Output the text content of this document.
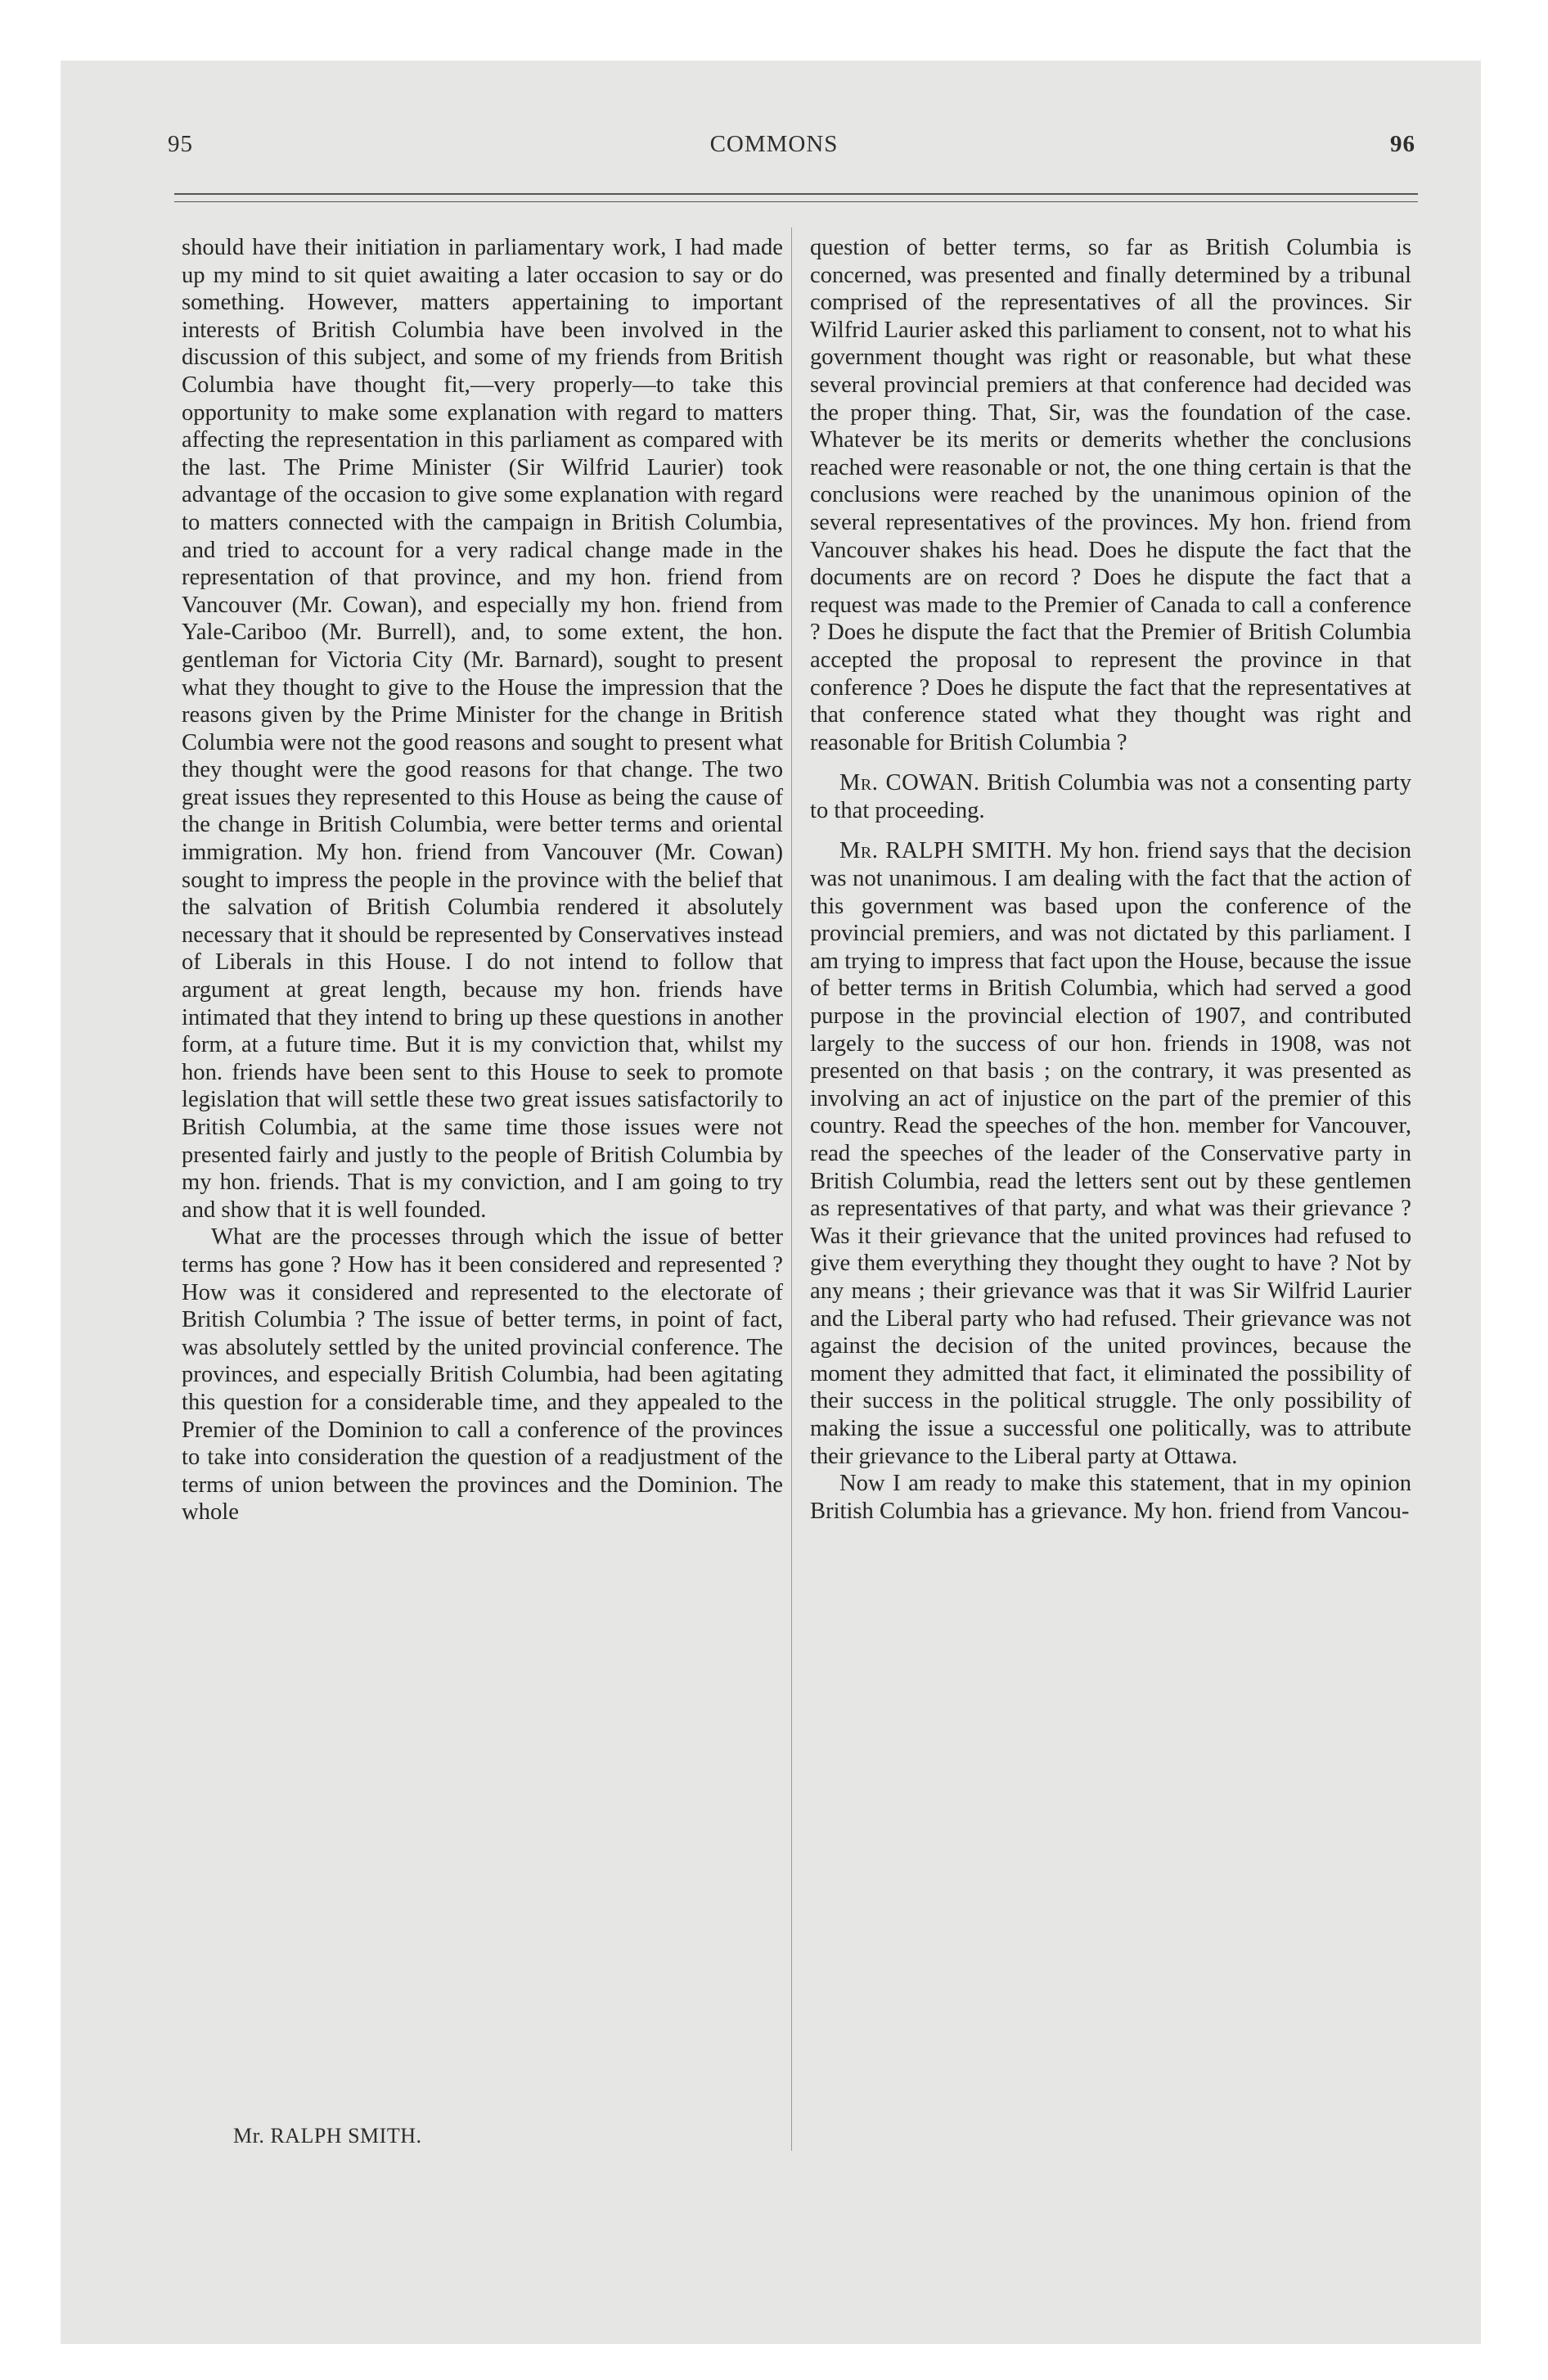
95	COMMONS	96

should have their initiation in parliamentary work, I had made up my mind to sit quiet awaiting a later occasion to say or do something. However, matters appertaining to important interests of British Columbia have been involved in the discussion of this subject, and some of my friends from British Columbia have thought fit,—very properly—to take this opportunity to make some explanation with regard to matters affecting the representation in this parliament as compared with the last. The Prime Minister (Sir Wilfrid Laurier) took advantage of the occasion to give some explanation with regard to matters connected with the campaign in British Columbia, and tried to account for a very radical change made in the representation of that province, and my hon. friend from Vancouver (Mr. Cowan), and especially my hon. friend from Yale-Cariboo (Mr. Burrell), and, to some extent, the hon. gentleman for Victoria City (Mr. Barnard), sought to present what they thought to give to the House the impression that the reasons given by the Prime Minister for the change in British Columbia were not the good reasons and sought to present what they thought were the good reasons for that change. The two great issues they represented to this House as being the cause of the change in British Columbia, were better terms and oriental immigration. My hon. friend from Vancouver (Mr. Cowan) sought to impress the people in the province with the belief that the salvation of British Columbia rendered it absolutely necessary that it should be represented by Conservatives instead of Liberals in this House. I do not intend to follow that argument at great length, because my hon. friends have intimated that they intend to bring up these questions in another form, at a future time. But it is my conviction that, whilst my hon. friends have been sent to this House to seek to promote legislation that will settle these two great issues satisfactorily to British Columbia, at the same time those issues were not presented fairly and justly to the people of British Columbia by my hon. friends. That is my conviction, and I am going to try and show that it is well founded.

What are the processes through which the issue of better terms has gone ? How has it been considered and represented ? How was it considered and represented to the electorate of British Columbia ? The issue of better terms, in point of fact, was absolutely settled by the united provincial conference. The provinces, and especially British Columbia, had been agitating this question for a considerable time, and they appealed to the Premier of the Dominion to call a conference of the provinces to take into consideration the question of a readjustment of the terms of union between the provinces and the Dominion. The whole

question of better terms, so far as British Columbia is concerned, was presented and finally determined by a tribunal comprised of the representatives of all the provinces. Sir Wilfrid Laurier asked this parliament to consent, not to what his government thought was right or reasonable, but what these several provincial premiers at that conference had decided was the proper thing. That, Sir, was the foundation of the case. Whatever be its merits or demerits whether the conclusions reached were reasonable or not, the one thing certain is that the conclusions were reached by the unanimous opinion of the several representatives of the provinces. My hon. friend from Vancouver shakes his head. Does he dispute the fact that the documents are on record ? Does he dispute the fact that a request was made to the Premier of Canada to call a conference ? Does he dispute the fact that the Premier of British Columbia accepted the proposal to represent the province in that conference ? Does he dispute the fact that the representatives at that conference stated what they thought was right and reasonable for British Columbia ?

Mr. COWAN. British Columbia was not a consenting party to that proceeding.

Mr. RALPH SMITH. My hon. friend says that the decision was not unanimous. I am dealing with the fact that the action of this government was based upon the conference of the provincial premiers, and was not dictated by this parliament. I am trying to impress that fact upon the House, because the issue of better terms in British Columbia, which had served a good purpose in the provincial election of 1907, and contributed largely to the success of our hon. friends in 1908, was not presented on that basis ; on the contrary, it was presented as involving an act of injustice on the part of the premier of this country. Read the speeches of the hon. member for Vancouver, read the speeches of the leader of the Conservative party in British Columbia, read the letters sent out by these gentlemen as representatives of that party, and what was their grievance ? Was it their grievance that the united provinces had refused to give them everything they thought they ought to have ? Not by any means ; their grievance was that it was Sir Wilfrid Laurier and the Liberal party who had refused. Their grievance was not against the decision of the united provinces, because the moment they admitted that fact, it eliminated the possibility of their success in the political struggle. The only possibility of making the issue a successful one politically, was to attribute their grievance to the Liberal party at Ottawa.

Now I am ready to make this statement, that in my opinion British Columbia has a grievance. My hon. friend from Vancou-

Mr. RALPH SMITH.
